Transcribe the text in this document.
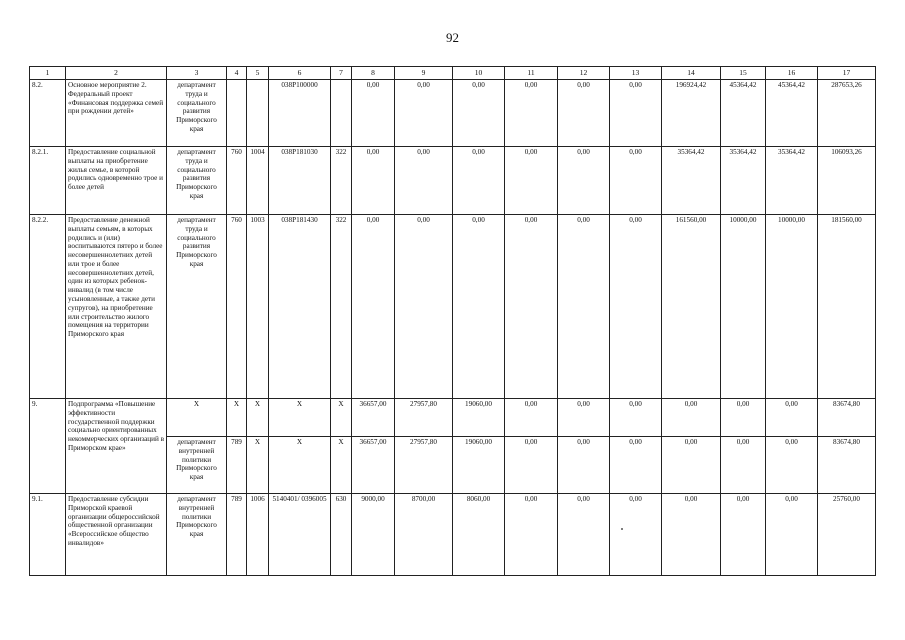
92
1	2	3	4	5	6	7	8	9	10	11	12	13	14	15	16	17
8.2.	Основное мероприятие 2. Федеральный проект «Финансовая поддержка семей при рождении детей»	департамент труда и социального развития Приморского края			038P100000		0,00	0,00	0,00	0,00	0,00	0,00	196924,42	45364,42	45364,42	287653,26
8.2.1.	Предоставление социальной выплаты на приобретение жилья семье, в которой родились одновременно трое и более детей	департамент труда и социального развития Приморского края	760	1004	038P181030	322	0,00	0,00	0,00	0,00	0,00	0,00	35364,42	35364,42	35364,42	106093,26
8.2.2.	Предоставление денежной выплаты семьям, в которых родились и (или) воспитываются пятеро и более несовершеннолетних детей или трое и более несовершеннолетних детей, один из которых ребенок-инвалид (в том числе усыновленные, а также дети супругов), на приобретение или строительство жилого помещения на территории Приморского края	департамент труда и социального развития Приморского края	760	1003	038P181430	322	0,00	0,00	0,00	0,00	0,00	0,00	161560,00	10000,00	10000,00	181560,00
9.	Подпрограмма «Повышение эффективности государственной поддержки социально ориентированных некоммерческих организаций в Приморском крае»	X	X	X	X	X	36657,00	27957,80	19060,00	0,00	0,00	0,00	0,00	0,00	0,00	83674,80
		департамент внутренней политики Приморского края	789	X	X	X	36657,00	27957,80	19060,00	0,00	0,00	0,00	0,00	0,00	0,00	83674,80
9.1.	Предоставление субсидии Приморской краевой организации общероссийской общественной организации «Всероссийское общество инвалидов»	департамент внутренней политики Приморского края	789	1006	5140401/ 0396005	630	9000,00	8700,00	8060,00	0,00	0,00	0,00	0,00	0,00	0,00	25760,00
